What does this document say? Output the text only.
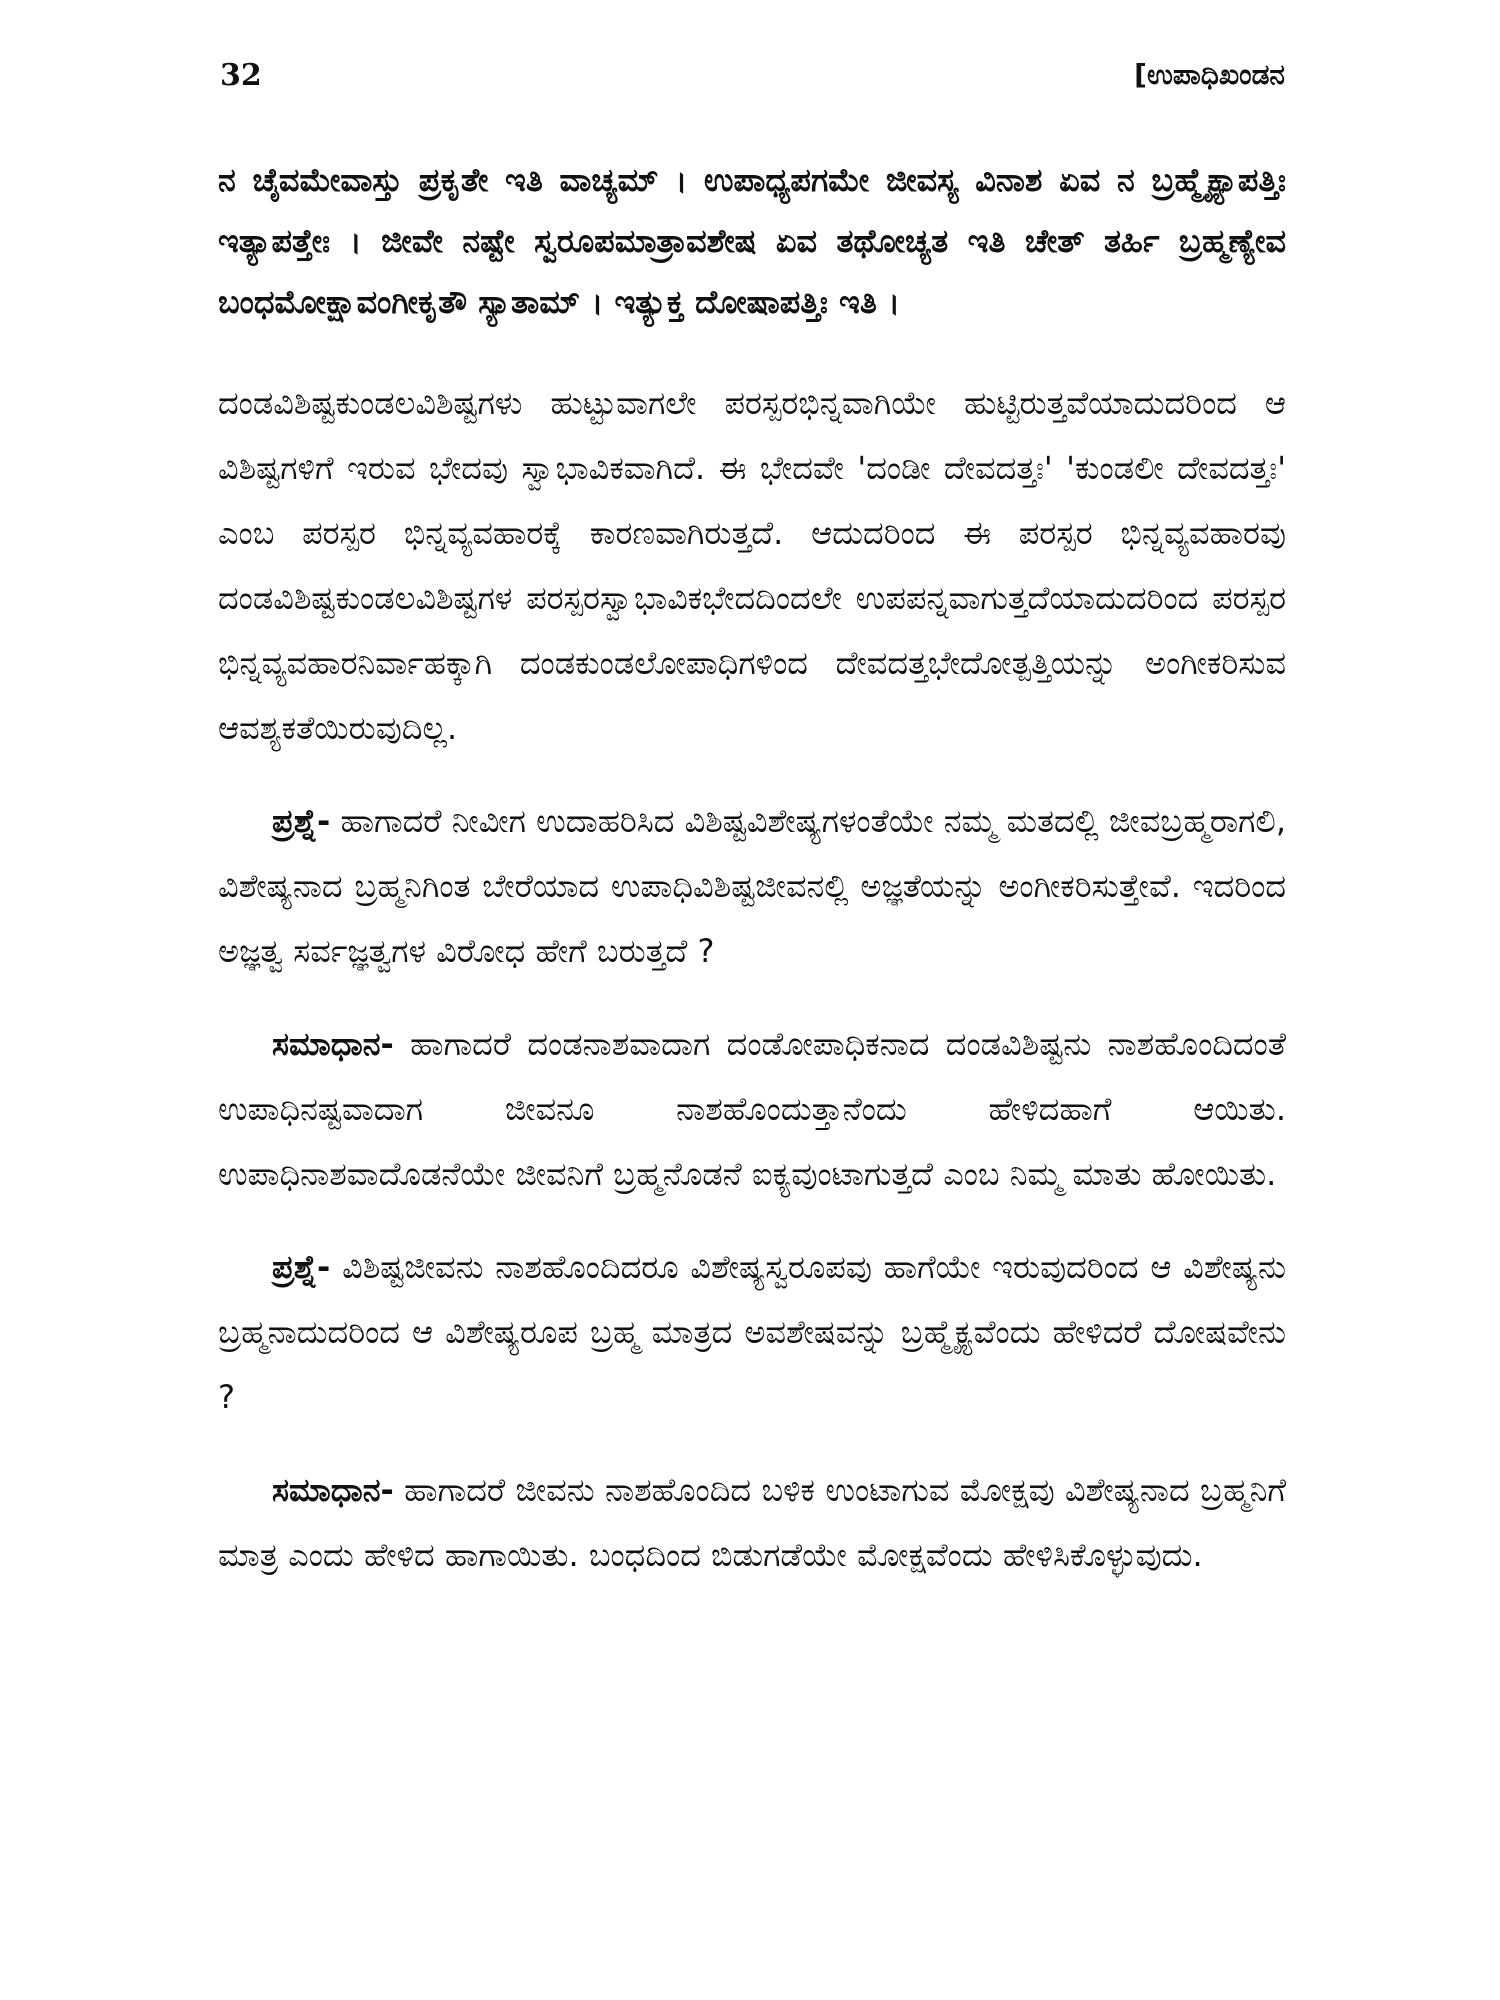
32	[ಉಪಾಧಿಖಂಡನ

ನ ಚೈವಮೇವಾಸ್ತು ಪ್ರಕೃತೇ ಇತಿ ವಾಚ್ಯಮ್ । ಉಪಾಧ್ಯಪಗಮೇ ಜೀವಸ್ಯ ವಿನಾಶ ಏವ ನ ಬ್ರಹ್ಮೈಕ್ಯಾಪತ್ತಿಃ ಇತ್ಯಾಪತ್ತೇಃ । ಜೀವೇ ನಷ್ಟೇ ಸ್ವರೂಪಮಾತ್ರಾವಶೇಷ ಏವ ತಥೋಚ್ಯತ ಇತಿ ಚೇತ್ ತರ್ಹಿ ಬ್ರಹ್ಮಣ್ಯೇವ ಬಂಧಮೋಕ್ಷಾವಂಗೀಕೃತೌ ಸ್ಯಾತಾಮ್ । ಇತ್ಯುಕ್ತ ದೋಷಾಪತ್ತಿಃ ಇತಿ ।

ದಂಡವಿಶಿಷ್ಟಕುಂಡಲವಿಶಿಷ್ಟಗಳು ಹುಟ್ಟುವಾಗಲೇ ಪರಸ್ಪರಭಿನ್ನವಾಗಿಯೇ ಹುಟ್ಟಿರುತ್ತವೆಯಾದುದರಿಂದ ಆ ವಿಶಿಷ್ಟಗಳಿಗೆ ಇರುವ ಭೇದವು ಸ್ವಾಭಾವಿಕವಾಗಿದೆ. ಈ ಭೇದವೇ 'ದಂಡೀ ದೇವದತ್ತಃ' 'ಕುಂಡಲೀ ದೇವದತ್ತಃ' ಎಂಬ ಪರಸ್ಪರ ಭಿನ್ನವ್ಯವಹಾರಕ್ಕೆ ಕಾರಣವಾಗಿರುತ್ತದೆ. ಆದುದರಿಂದ ಈ ಪರಸ್ಪರ ಭಿನ್ನವ್ಯವಹಾರವು ದಂಡವಿಶಿಷ್ಟಕುಂಡಲವಿಶಿಷ್ಟಗಳ ಪರಸ್ಪರಸ್ವಾಭಾವಿಕಭೇದದಿಂದಲೇ ಉಪಪನ್ನವಾಗುತ್ತದೆಯಾದುದರಿಂದ ಪರಸ್ಪರ ಭಿನ್ನವ್ಯವಹಾರನಿರ್ವಾಹಕ್ಕಾಗಿ ದಂಡಕುಂಡಲೋಪಾಧಿಗಳಿಂದ ದೇವದತ್ತಭೇದೋತ್ಪತ್ತಿಯನ್ನು ಅಂಗೀಕರಿಸುವ ಆವಶ್ಯಕತೆಯಿರುವುದಿಲ್ಲ.

ಪ್ರಶ್ನೆ- ಹಾಗಾದರೆ ನೀವೀಗ ಉದಾಹರಿಸಿದ ವಿಶಿಷ್ಟವಿಶೇಷ್ಯಗಳಂತೆಯೇ ನಮ್ಮ ಮತದಲ್ಲಿ ಜೀವಬ್ರಹ್ಮರಾಗಲಿ, ವಿಶೇಷ್ಯನಾದ ಬ್ರಹ್ಮನಿಗಿಂತ ಬೇರೆಯಾದ ಉಪಾಧಿವಿಶಿಷ್ಟಜೀವನಲ್ಲಿ ಅಜ್ಞತೆಯನ್ನು ಅಂಗೀಕರಿಸುತ್ತೇವೆ. ಇದರಿಂದ ಅಜ್ಞತ್ವ ಸರ್ವಜ್ಞತ್ವಗಳ ವಿರೋಧ ಹೇಗೆ ಬರುತ್ತದೆ ?

ಸಮಾಧಾನ- ಹಾಗಾದರೆ ದಂಡನಾಶವಾದಾಗ ದಂಡೋಪಾಧಿಕನಾದ ದಂಡವಿಶಿಷ್ಟನು ನಾಶಹೊಂದಿದಂತೆ ಉಪಾಧಿನಷ್ಟವಾದಾಗ ಜೀವನೂ ನಾಶಹೊಂದುತ್ತಾನೆಂದು ಹೇಳಿದಹಾಗೆ ಆಯಿತು. ಉಪಾಧಿನಾಶವಾದೊಡನೆಯೇ ಜೀವನಿಗೆ ಬ್ರಹ್ಮನೊಡನೆ ಐಕ್ಯವುಂಟಾಗುತ್ತದೆ ಎಂಬ ನಿಮ್ಮ ಮಾತು ಹೋಯಿತು.

ಪ್ರಶ್ನೆ- ವಿಶಿಷ್ಟಜೀವನು ನಾಶಹೊಂದಿದರೂ ವಿಶೇಷ್ಯಸ್ವರೂಪವು ಹಾಗೆಯೇ ಇರುವುದರಿಂದ ಆ ವಿಶೇಷ್ಯನು ಬ್ರಹ್ಮನಾದುದರಿಂದ ಆ ವಿಶೇಷ್ಯರೂಪ ಬ್ರಹ್ಮ ಮಾತ್ರದ ಅವಶೇಷವನ್ನು ಬ್ರಹ್ಮೈಕ್ಯವೆಂದು ಹೇಳಿದರೆ ದೋಷವೇನು ?

ಸಮಾಧಾನ- ಹಾಗಾದರೆ ಜೀವನು ನಾಶಹೊಂದಿದ ಬಳಿಕ ಉಂಟಾಗುವ ಮೋಕ್ಷವು ವಿಶೇಷ್ಯನಾದ ಬ್ರಹ್ಮನಿಗೆ ಮಾತ್ರ ಎಂದು ಹೇಳಿದ ಹಾಗಾಯಿತು. ಬಂಧದಿಂದ ಬಿಡುಗಡೆಯೇ ಮೋಕ್ಷವೆಂದು ಹೇಳಿಸಿಕೊಳ್ಳುವುದು.
